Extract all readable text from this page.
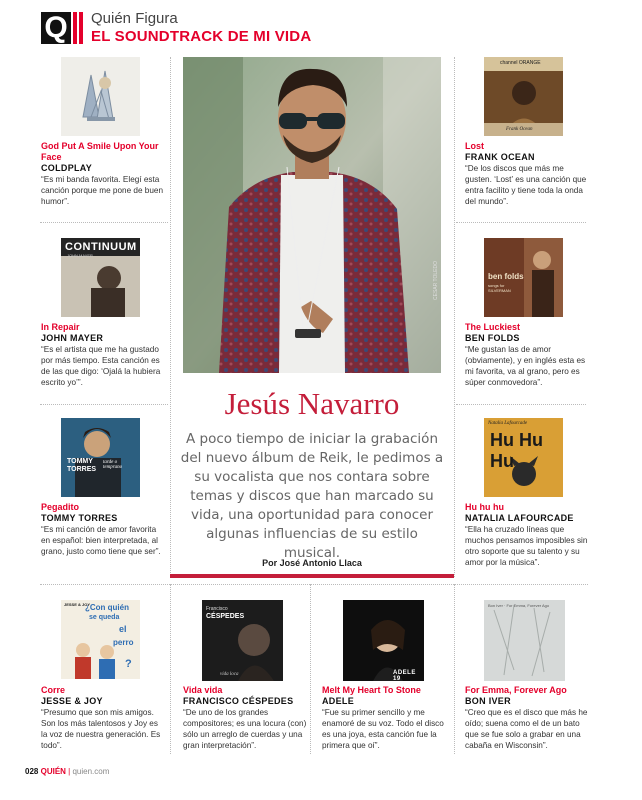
Q Quién Figura
EL SOUNDTRACK DE MI VIDA
CONTINUUM
JOHN MAYER
TOMMY
TORRES
tarde o temprano
channel ORANGE
Frank Ocean
ben folds
songs for SILVERMAN
Natalia Lafourcade
Hu Hu Hu
JESSE & JOY
¿Con quién
se queda
el
perro
?
Francisco
CÉSPEDES
vida loca	ADELE 19
Bon Iver · For Emma, Forever Ago
CESAR TOLEDO
Jesús Navarro
A poco tiempo de iniciar la grabación del nuevo álbum de Reik, le pedimos a su vocalista que nos contara sobre temas y discos que han marcado su vida, una oportunidad para conocer algunas influencias de su estilo musical.
Por José Antonio Llaca
God Put A Smile Upon Your Face
COLDPLAY
“Es mi banda favorita. Elegí esta canción porque me pone de buen humor”.
In Repair
JOHN MAYER
“Es el artista que me ha gustado por más tiempo. Esta canción es de las que digo: ‘Ojalá la hubiera escrito yo’”.
Pegadito
TOMMY TORRES
“Es mi canción de amor favorita en español: bien interpretada, al grano, justo como tiene que ser”.
Lost
FRANK OCEAN
“De los discos que más me gusten. ‘Lost’ es una canción que entra facilito y tiene toda la onda del mundo”.
The Luckiest
BEN FOLDS
“Me gustan las de amor (obviamente), y en inglés esta es mi favorita, va al grano, pero es súper conmovedora”.
Hu hu hu
NATALIA LAFOURCADE
“Ella ha cruzado líneas que muchos pensamos imposibles sin otro soporte que su talento y su amor por la música”.
Corre
JESSE & JOY
“Presumo que son mis amigos. Son los más talentosos y Joy es la voz de nuestra generación. Es todo”.
Vida vida
FRANCISCO CÉSPEDES
“De uno de los grandes compositores; es una locura (con) sólo un arreglo de cuerdas y una gran interpretación”.
Melt My Heart To Stone
ADELE
“Fue su primer sencillo y me enamoré de su voz. Todo el disco es una joya, esta canción fue la primera que oí”.
For Emma, Forever Ago
BON IVER
“Creo que es el disco que más he oído; suena como el de un bato que se fue solo a grabar en una cabaña en Wisconsin”.
028 QUIÉN | quien.com
